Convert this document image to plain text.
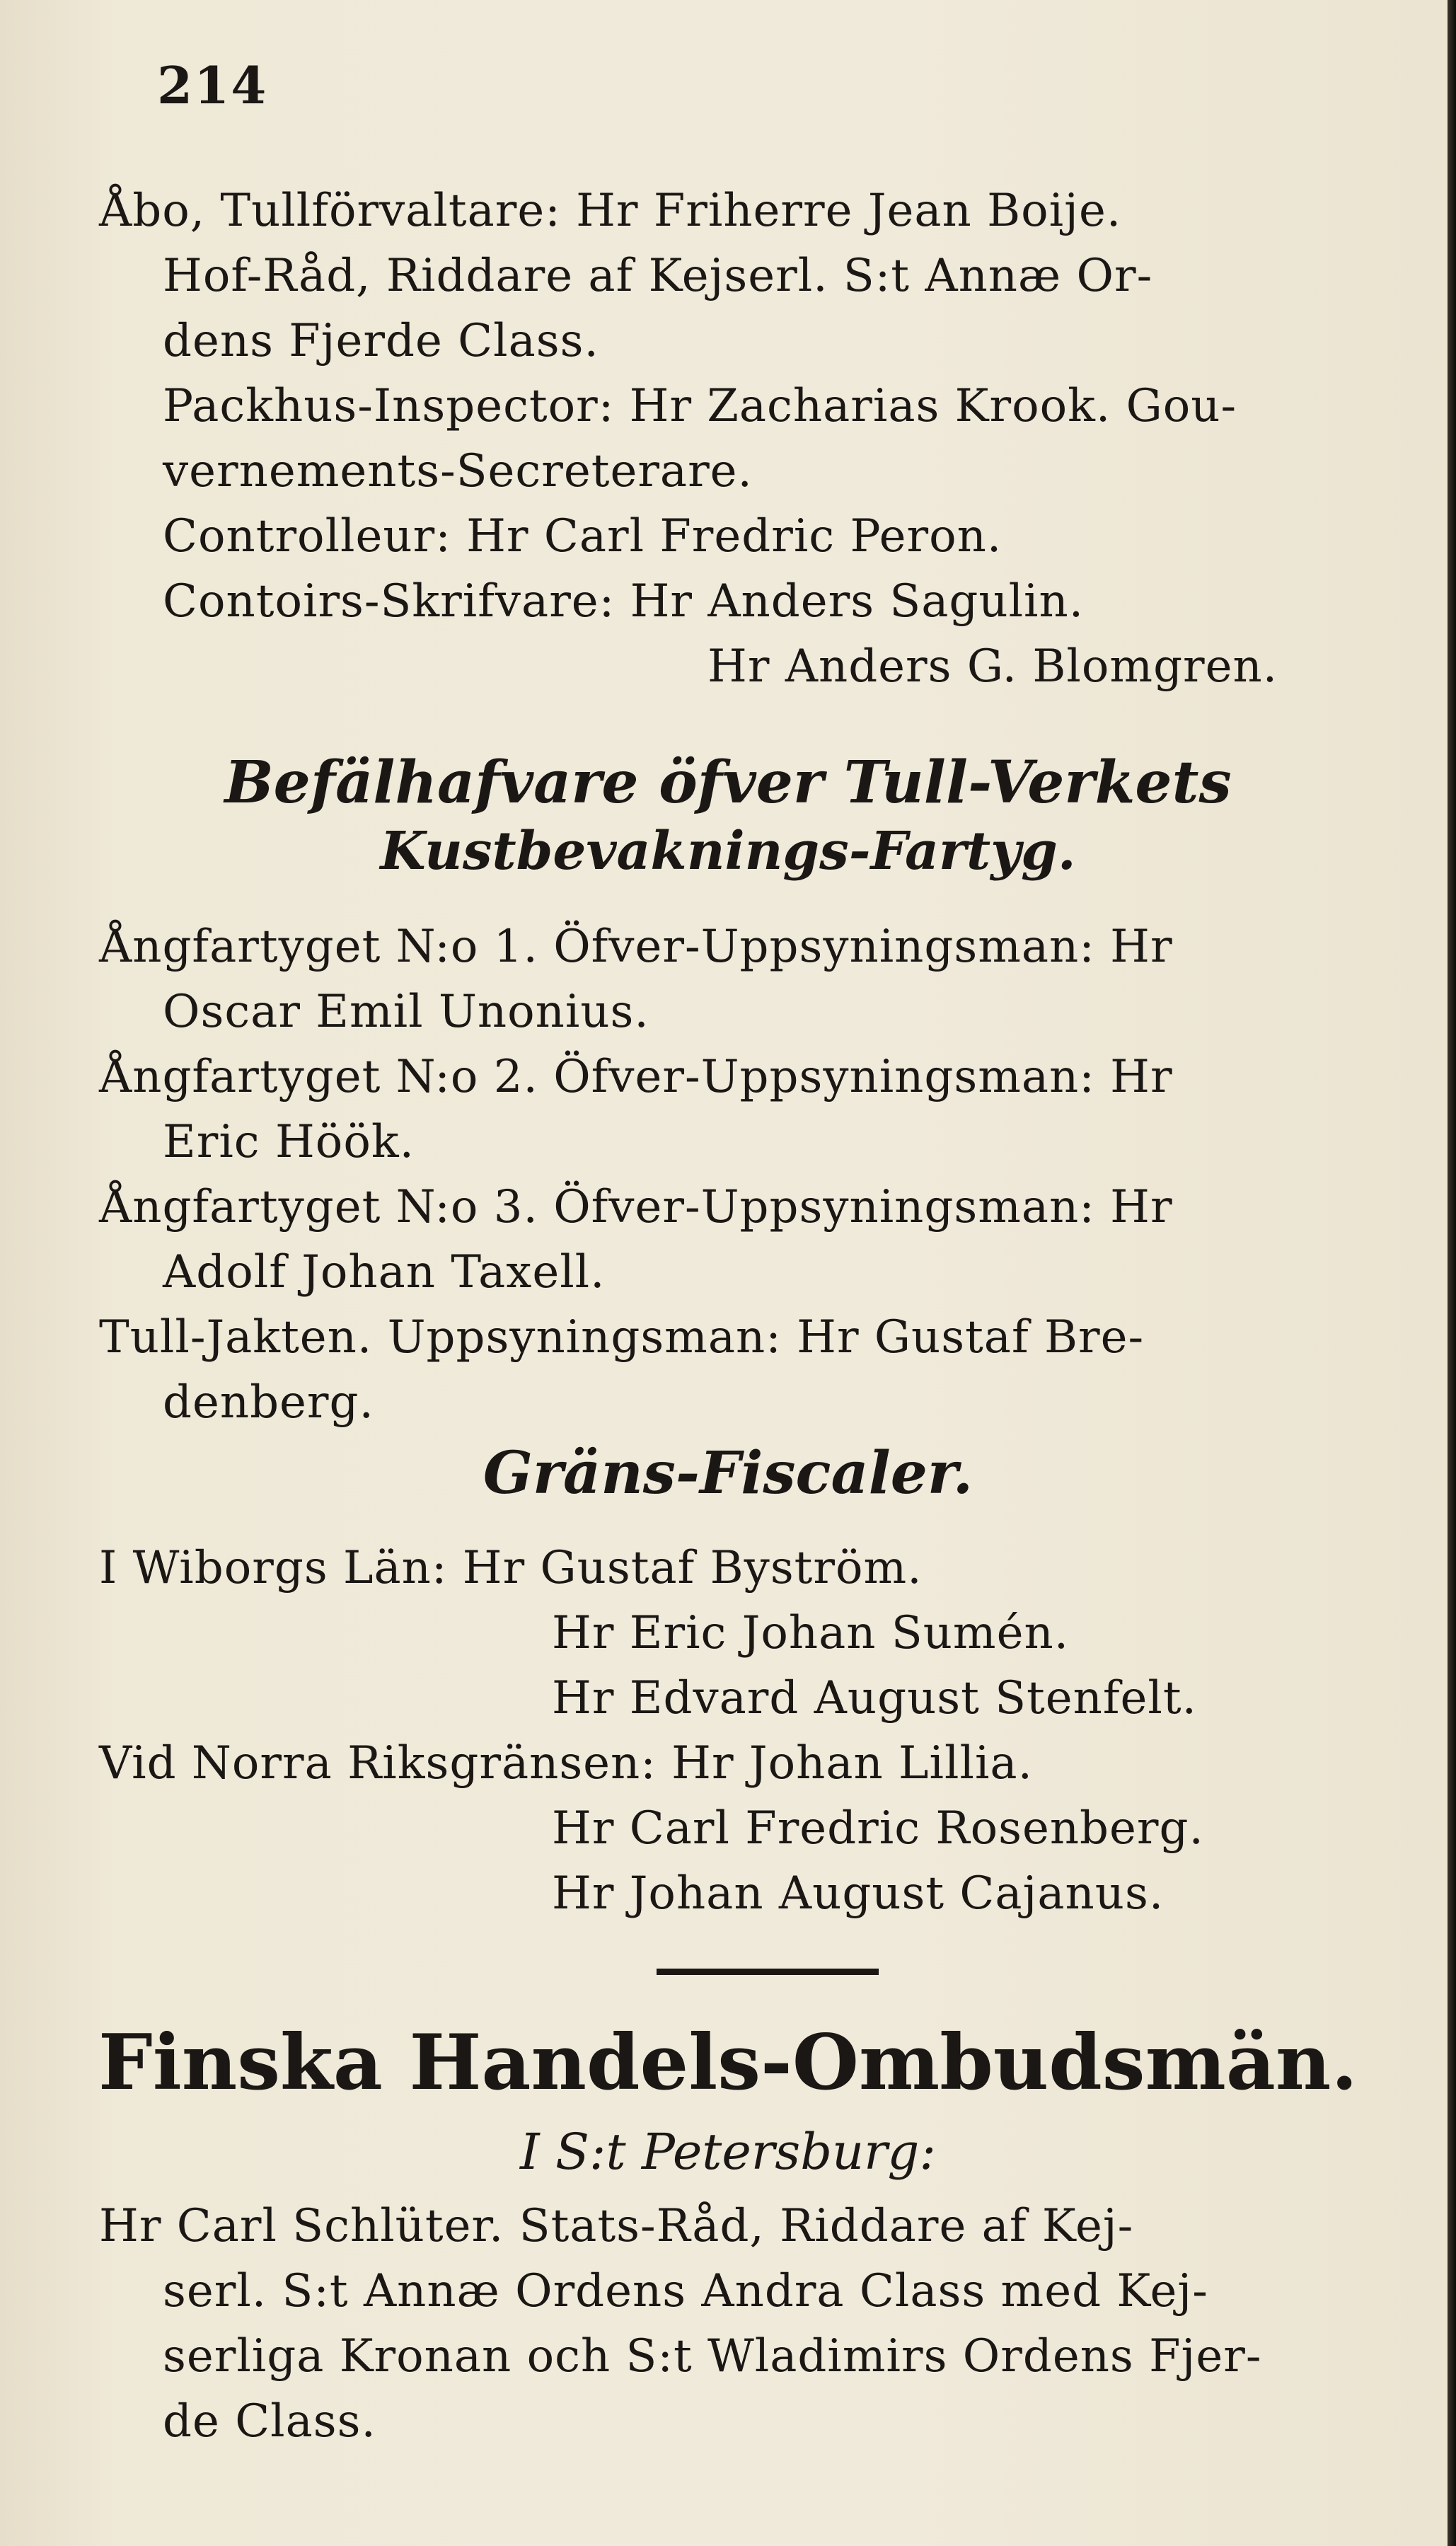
214
Åbo, Tullförvaltare: Hr Friherre Jean Boije.
Hof-Råd, Riddare af Kejserl. S:t Annæ Or-
dens Fjerde Class.
Packhus-Inspector: Hr Zacharias Krook. Gou-
vernements-Secreterare.
Controlleur: Hr Carl Fredric Peron.
Contoirs-Skrifvare: Hr Anders Sagulin.
Hr Anders G. Blomgren.
Befälhafvare öfver Tull-Verkets
Kustbevaknings-Fartyg.
Ångfartyget N:o 1. Öfver-Uppsyningsman: Hr
Oscar Emil Unonius.
Ångfartyget N:o 2. Öfver-Uppsyningsman: Hr
Eric Höök.
Ångfartyget N:o 3. Öfver-Uppsyningsman: Hr
Adolf Johan Taxell.
Tull-Jakten. Uppsyningsman: Hr Gustaf Bre-
denberg.
Gräns-Fiscaler.
I Wiborgs Län: Hr Gustaf Byström.
Hr Eric Johan Sumén.
Hr Edvard August Stenfelt.
Vid Norra Riksgränsen: Hr Johan Lillia.
Hr Carl Fredric Rosenberg.
Hr Johan August Cajanus.
Finska Handels-Ombudsmän.
I S:t Petersburg:
Hr Carl Schlüter. Stats-Råd, Riddare af Kej-
serl. S:t Annæ Ordens Andra Class med Kej-
serliga Kronan och S:t Wladimirs Ordens Fjer-
de Class.
